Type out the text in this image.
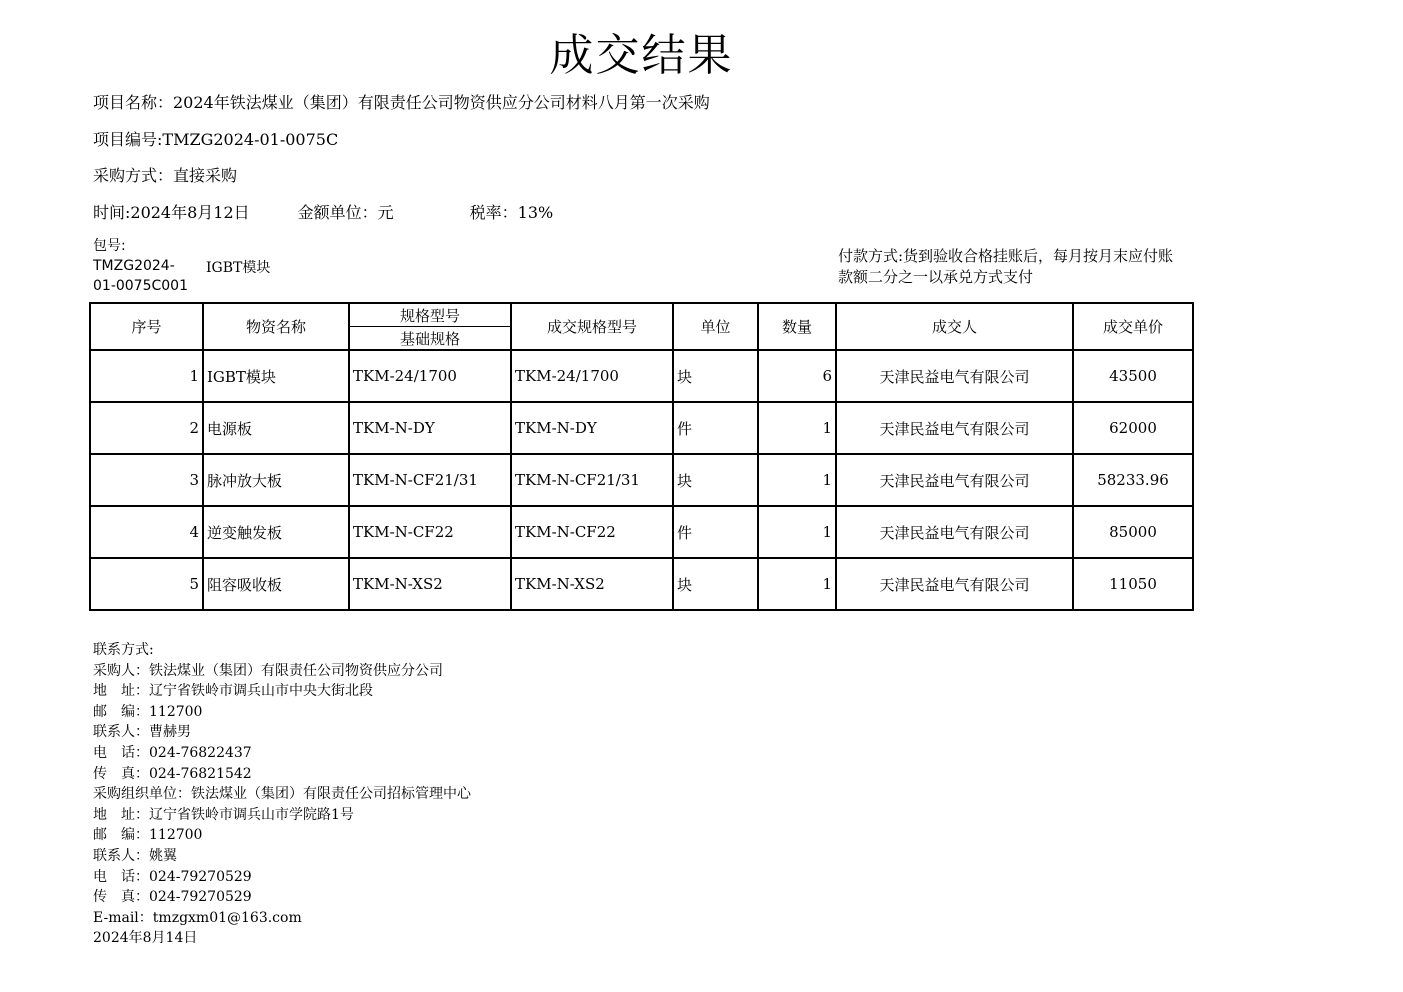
成交结果
项目名称：2024年铁法煤业（集团）有限责任公司物资供应分公司材料八月第一次采购
项目编号:TMZG2024-01-0075C
采购方式：直接采购
时间:2024年8月12日	金额单位：元	税率：13%
包号:
TMZG2024-
01-0075C001
IGBT模块
付款方式:货到验收合格挂账后，每月按月末应付账款额二分之一以承兑方式支付
序号	物资名称	规格型号	成交规格型号	单位	数量	成交人	成交单价
		基础规格					
1	IGBT模块	TKM-24/1700	TKM-24/1700	块	6	天津民益电气有限公司	43500
2	电源板	TKM-N-DY	TKM-N-DY	件	1	天津民益电气有限公司	62000
3	脉冲放大板	TKM-N-CF21/31	TKM-N-CF21/31	块	1	天津民益电气有限公司	58233.96
4	逆变触发板	TKM-N-CF22	TKM-N-CF22	件	1	天津民益电气有限公司	85000
5	阻容吸收板	TKM-N-XS2	TKM-N-XS2	块	1	天津民益电气有限公司	11050
联系方式:
采购人：铁法煤业（集团）有限责任公司物资供应分公司
地　址：辽宁省铁岭市调兵山市中央大街北段
邮　编：112700
联系人：曹赫男
电　话：024-76822437
传　真：024-76821542
采购组织单位：铁法煤业（集团）有限责任公司招标管理中心
地　址：辽宁省铁岭市调兵山市学院路1号
邮　编：112700
联系人：姚翼
电　话：024-79270529
传　真：024-79270529
E-mail：tmzgxm01@163.com
2024年8月14日
